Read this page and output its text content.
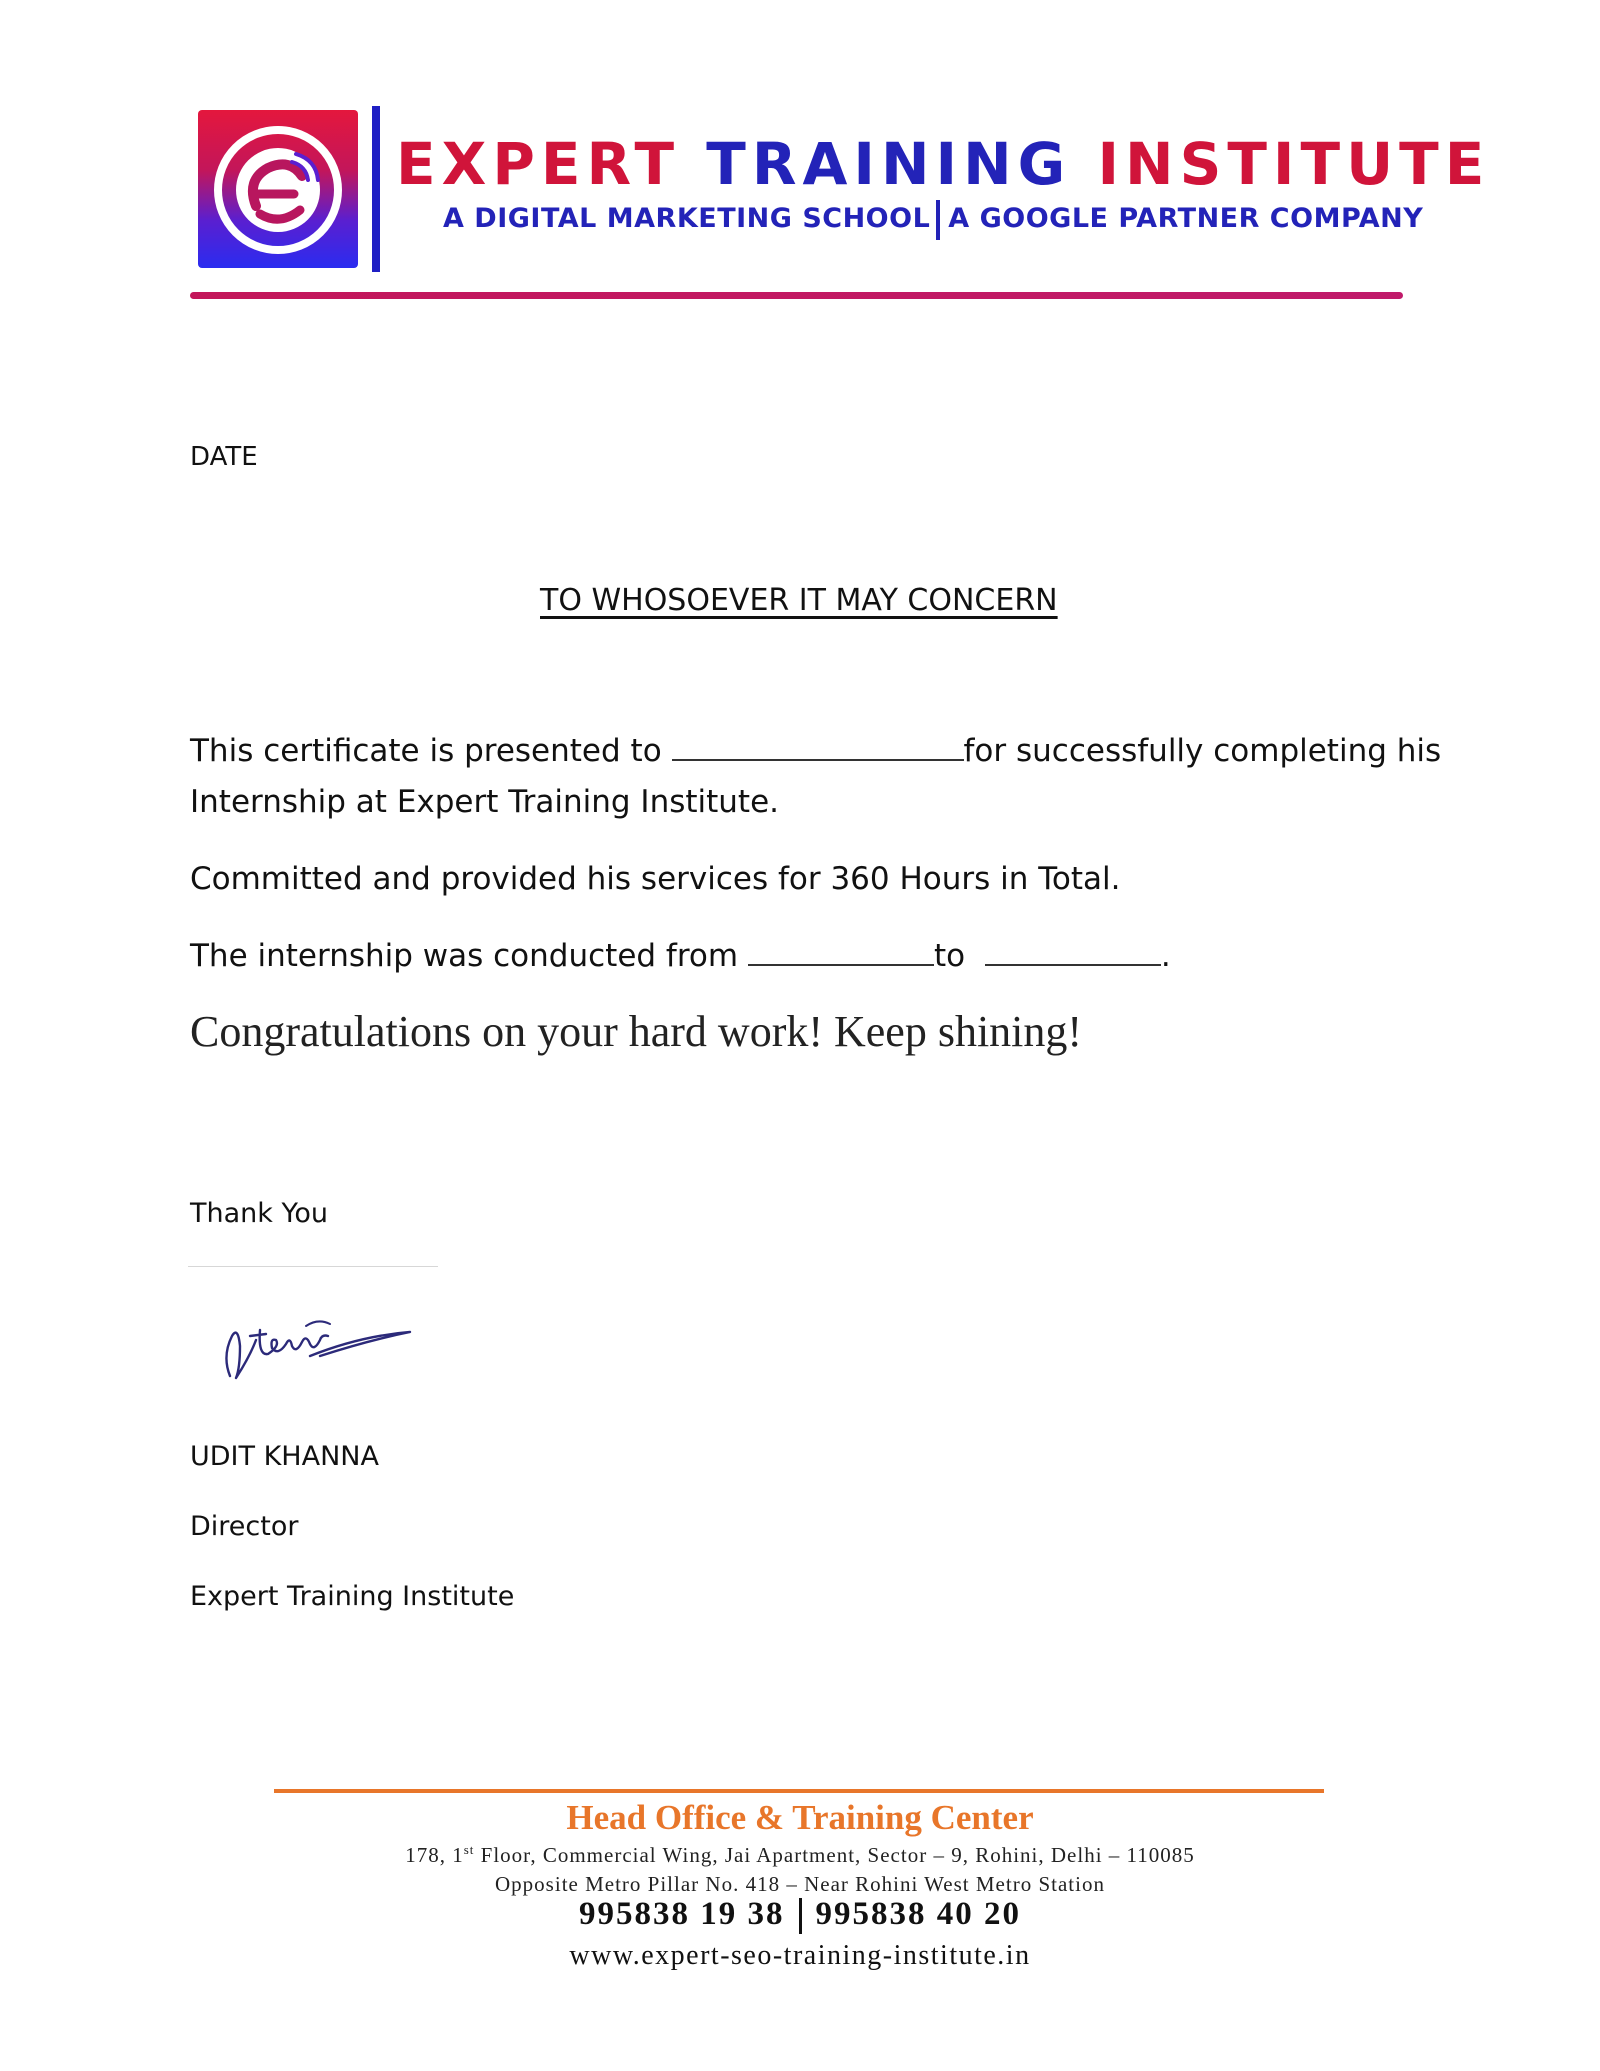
EXPERT TRAINING INSTITUTE
A DIGITAL MARKETING SCHOOL A GOOGLE PARTNER COMPANY
DATE
TO WHOSOEVER IT MAY CONCERN
This certificate is presented to	for successfully completing his
Internship at Expert Training Institute.
Committed and provided his services for 360 Hours in Total.
The internship was conducted from	to	.
Congratulations on your hard work! Keep shining!
Thank You
UDIT KHANNA
Director
Expert Training Institute
Head Office & Training Center
178, 1st Floor, Commercial Wing, Jai Apartment, Sector – 9, Rohini, Delhi – 110085
Opposite Metro Pillar No. 418 – Near Rohini West Metro Station
995838 19 38 995838 40 20
www.expert-seo-training-institute.in
